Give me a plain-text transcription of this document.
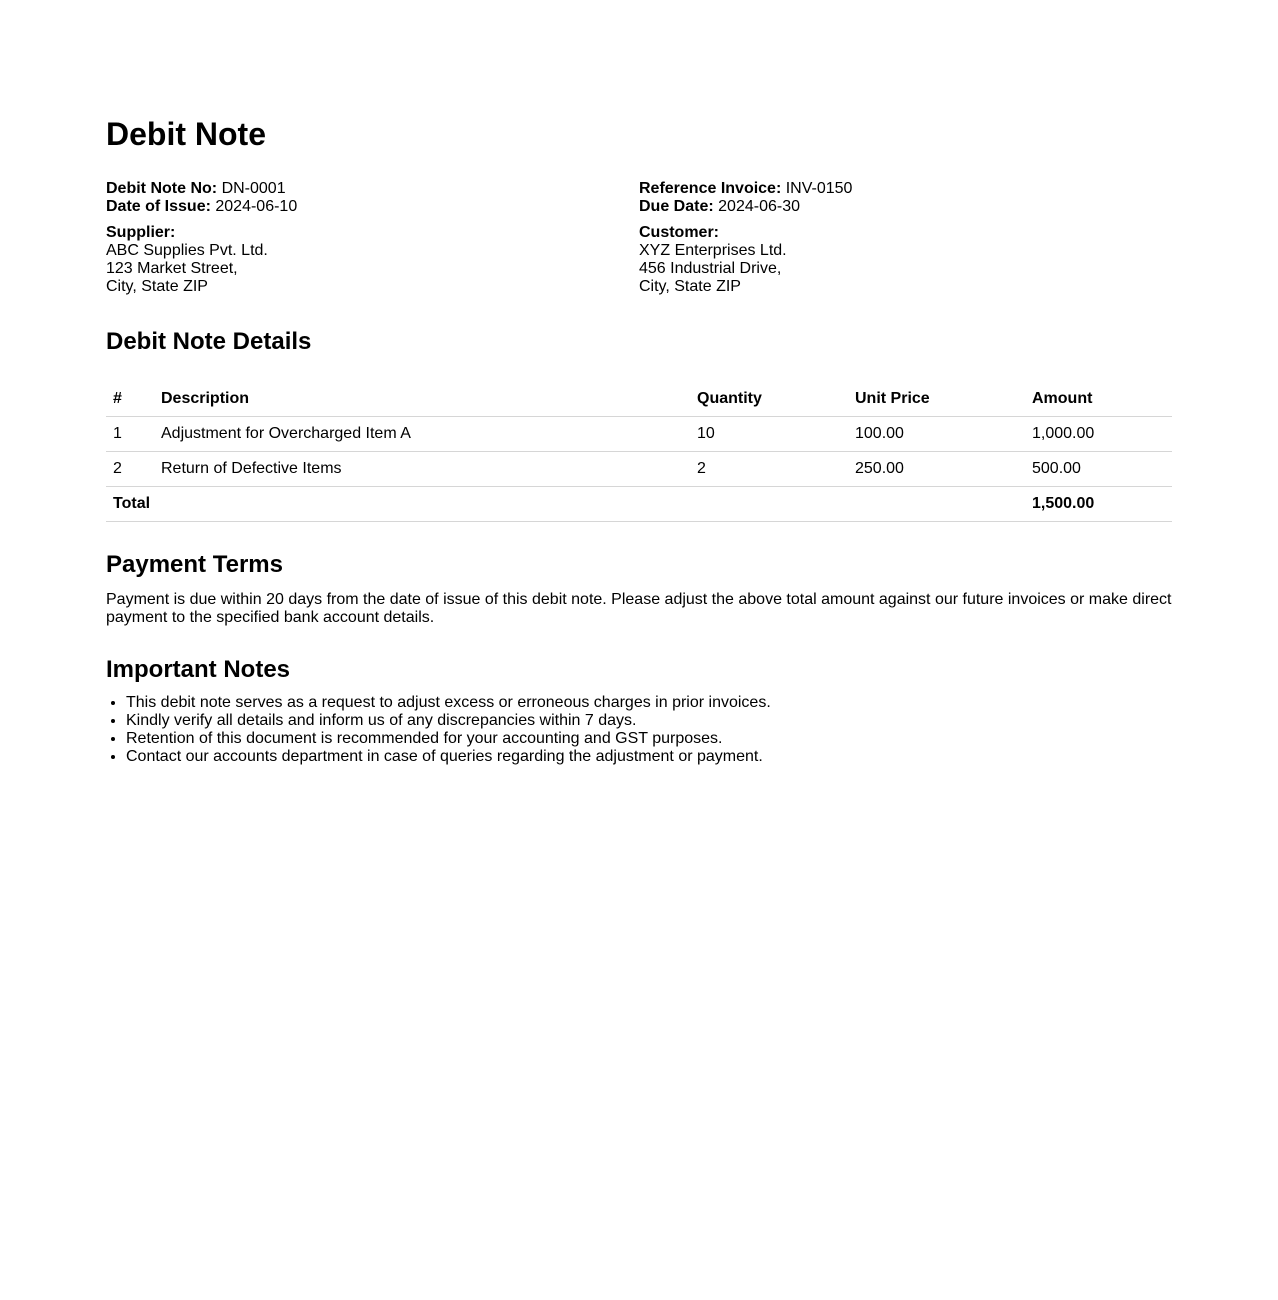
Debit Note
Debit Note No: DN-0001
Date of Issue: 2024-06-10
Supplier:
ABC Supplies Pvt. Ltd.
123 Market Street,
City, State ZIP
Reference Invoice: INV-0150
Due Date: 2024-06-30
Customer:
XYZ Enterprises Ltd.
456 Industrial Drive,
City, State ZIP
Debit Note Details
#	Description	Quantity	Unit Price	Amount
1	Adjustment for Overcharged Item A	10	100.00	1,000.00
2	Return of Defective Items	2	250.00	500.00
Total				1,500.00
Payment Terms
Payment is due within 20 days from the date of issue of this debit note. Please adjust the above total amount against our future invoices or make direct payment to the specified bank account details.
Important Notes
• This debit note serves as a request to adjust excess or erroneous charges in prior invoices.
• Kindly verify all details and inform us of any discrepancies within 7 days.
• Retention of this document is recommended for your accounting and GST purposes.
• Contact our accounts department in case of queries regarding the adjustment or payment.
